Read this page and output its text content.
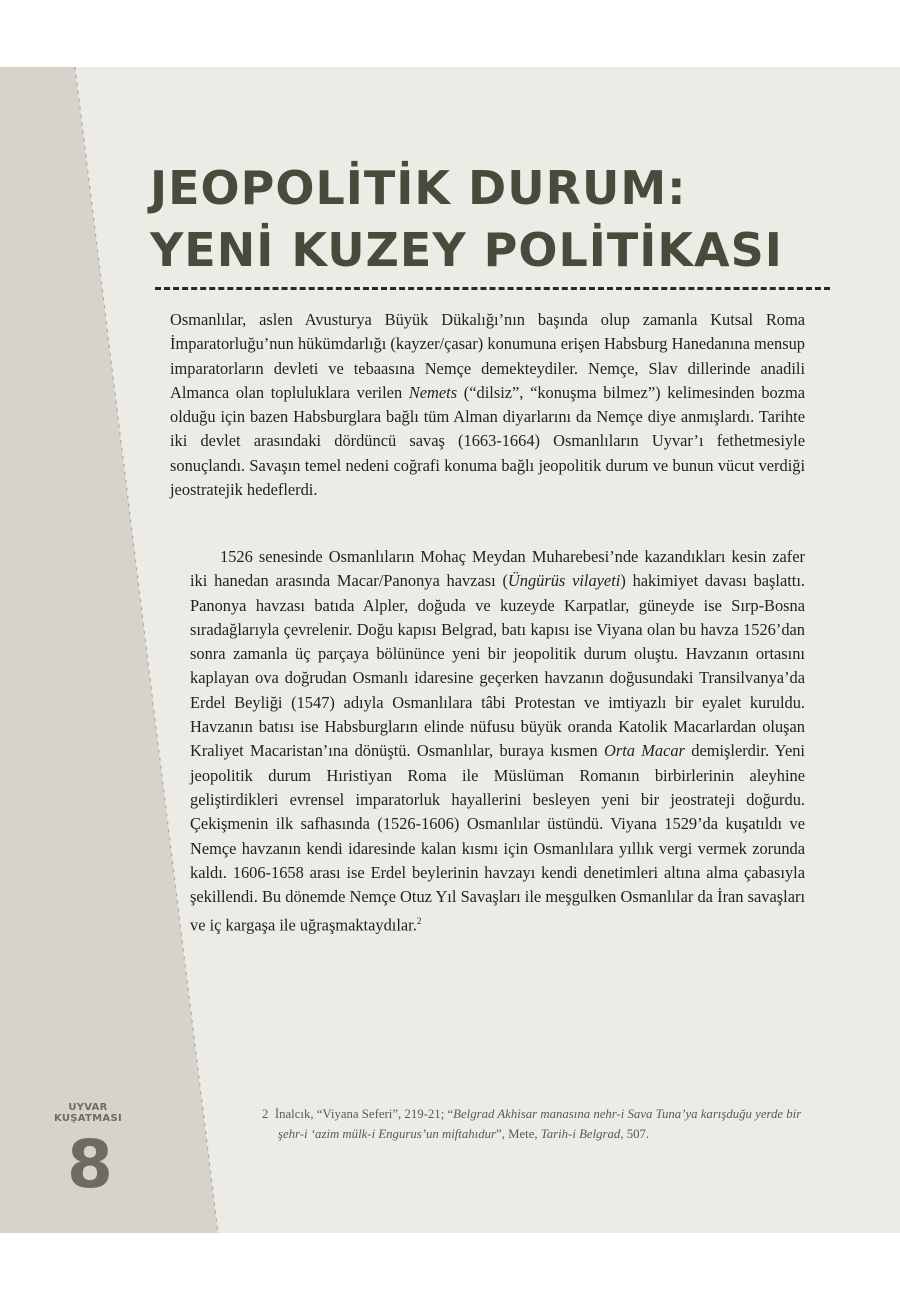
JEOPOLİTİK DURUM:
YENİ KUZEY POLİTİKASI

Osmanlılar, aslen Avusturya Büyük Dükalığı’nın başında olup zamanla Kutsal Roma İmparatorluğu’nun hükümdarlığı (kayzer/çasar) konumuna erişen Habsburg Hanedanına mensup imparatorların devleti ve tebaasına Nemçe demekteydiler. Nemçe, Slav dillerinde anadili Almanca olan topluluklara verilen Nemets (“dilsiz”, “konuşma bilmez”) kelimesinden bozma olduğu için bazen Habsburglara bağlı tüm Alman diyarlarını da Nemçe diye anmışlardı. Tarihte iki devlet arasındaki dördüncü savaş (1663-1664) Osmanlıların Uyvar’ı fethetmesiyle sonuçlandı. Savaşın temel nedeni coğrafi konuma bağlı jeopolitik durum ve bunun vücut verdiği jeostratejik hedeflerdi.

1526 senesinde Osmanlıların Mohaç Meydan Muharebesi’nde kazandıkları kesin zafer iki hanedan arasında Macar/Panonya havzası (Üngürüs vilayeti) hakimiyet davası başlattı. Panonya havzası batıda Alpler, doğuda ve kuzeyde Karpatlar, güneyde ise Sırp-Bosna sıradağlarıyla çevrelenir. Doğu kapısı Belgrad, batı kapısı ise Viyana olan bu havza 1526’dan sonra zamanla üç parçaya bölününce yeni bir jeopolitik durum oluştu. Havzanın ortasını kaplayan ova doğrudan Osmanlı idaresine geçerken havzanın doğusundaki Transilvanya’da Erdel Beyliği (1547) adıyla Osmanlılara tâbi Protestan ve imtiyazlı bir eyalet kuruldu. Havzanın batısı ise Habsburgların elinde nüfusu büyük oranda Katolik Macarlardan oluşan Kraliyet Macaristan’ına dönüştü. Osmanlılar, buraya kısmen Orta Macar demişlerdir. Yeni jeopolitik durum Hıristiyan Roma ile Müslüman Romanın birbirlerinin aleyhine geliştirdikleri evrensel imparatorluk hayallerini besleyen yeni bir jeostrateji doğurdu. Çekişmenin ilk safhasında (1526-1606) Osmanlılar üstündü. Viyana 1529’da kuşatıldı ve Nemçe havzanın kendi idaresinde kalan kısmı için Osmanlılara yıllık vergi vermek zorunda kaldı. 1606-1658 arası ise Erdel beylerinin havzayı kendi denetimleri altına alma çabasıyla şekillendi. Bu dönemde Nemçe Otuz Yıl Savaşları ile meşgulken Osmanlılar da İran savaşları ve iç kargaşa ile uğraşmaktaydılar.$^2$

2 İnalcık, “Viyana Seferi”, 219-21; “Belgrad Akhisar manasına nehr-i Sava Tuna’ya karışduğu yerde bir şehr-i ‘azim mülk-i Engurus’un miftahıdur”, Mete, Tarih-i Belgrad, 507.

UYVAR
KUŞATMASI
8
